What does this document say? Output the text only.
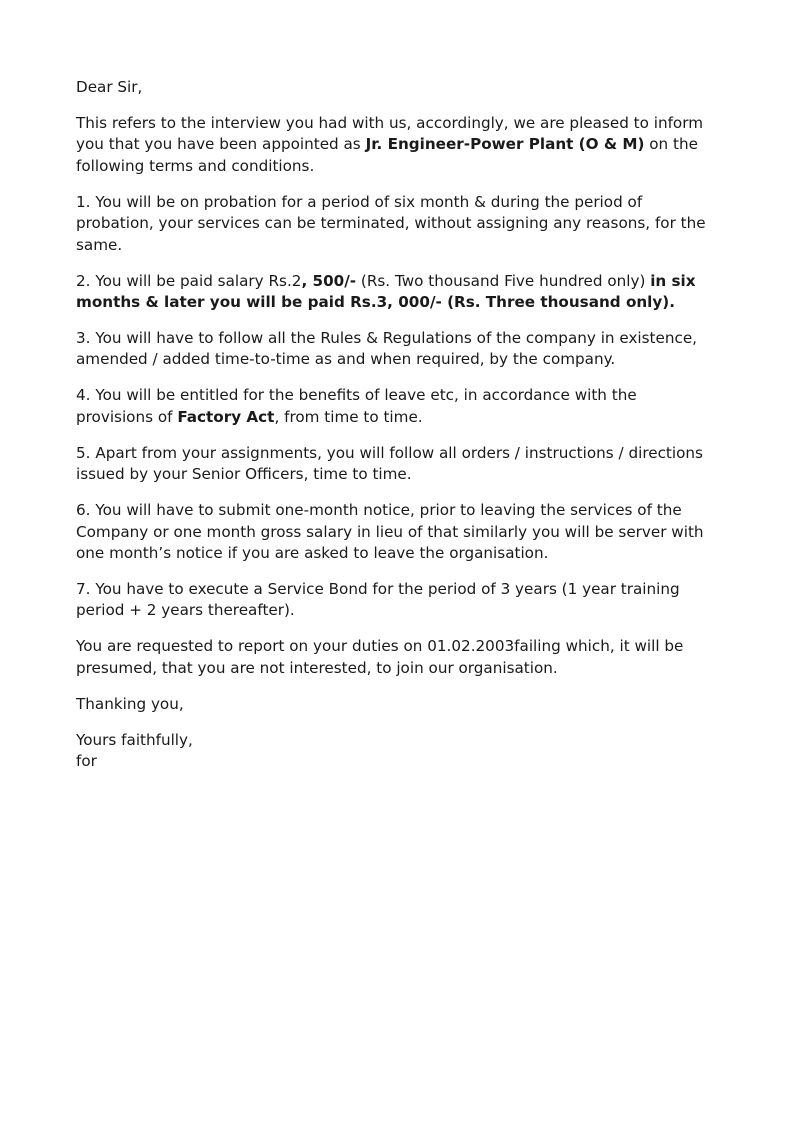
Dear Sir,

This refers to the interview you had with us, accordingly, we are pleased to inform you that you have been appointed as Jr. Engineer-Power Plant (O & M) on the following terms and conditions.

1. You will be on probation for a period of six month & during the period of probation, your services can be terminated, without assigning any reasons, for the same.

2. You will be paid salary Rs.2, 500/- (Rs. Two thousand Five hundred only) in six months & later you will be paid Rs.3, 000/- (Rs. Three thousand only).

3. You will have to follow all the Rules & Regulations of the company in existence, amended / added time-to-time as and when required, by the company.

4. You will be entitled for the benefits of leave etc, in accordance with the provisions of Factory Act, from time to time.

5. Apart from your assignments, you will follow all orders / instructions / directions issued by your Senior Officers, time to time.

6. You will have to submit one-month notice, prior to leaving the services of the Company or one month gross salary in lieu of that similarly you will be server with one month’s notice if you are asked to leave the organisation.

7. You have to execute a Service Bond for the period of 3 years (1 year training period + 2 years thereafter).

You are requested to report on your duties on 01.02.2003failing which, it will be presumed, that you are not interested, to join our organisation.

Thanking you,

Yours faithfully,
for
